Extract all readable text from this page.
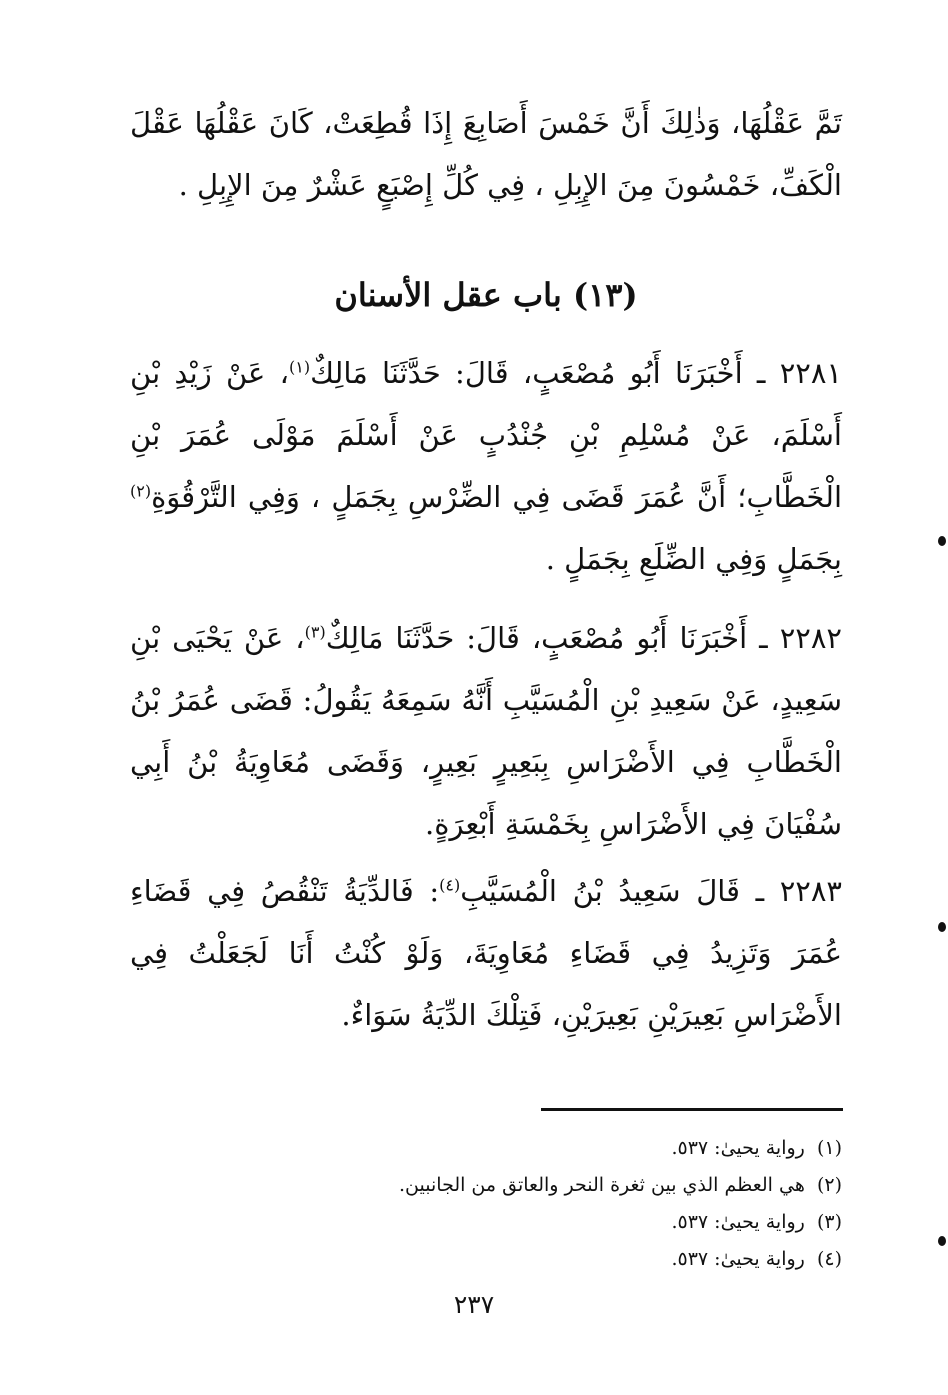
تَمَّ عَقْلُهَا، وَذٰلِكَ أَنَّ خَمْسَ أَصَابِعَ إِذَا قُطِعَتْ، كَانَ عَقْلُهَا عَقْلَ الْكَفِّ، خَمْسُونَ مِنَ الإِبِلِ ، فِي كُلِّ إِصْبَعٍ عَشْرٌ مِنَ الإِبِلِ .

(١٣) باب عقل الأسنان

٢٢٨١ ـ أَخْبَرَنَا أَبُو مُصْعَبٍ، قَالَ: حَدَّثَنَا مَالِكٌ$^{(١)}$، عَنْ زَيْدِ بْنِ أَسْلَمَ، عَنْ مُسْلِمِ بْنِ جُنْدُبٍ عَنْ أَسْلَمَ مَوْلَى عُمَرَ بْنِ الْخَطَّابِ؛ أَنَّ عُمَرَ قَضَى فِي الضِّرْسِ بِجَمَلٍ ، وَفِي التَّرْقُوَةِ$^{(٢)}$ بِجَمَلٍ وَفِي الضِّلَعِ بِجَمَلٍ .

٢٢٨٢ ـ أَخْبَرَنَا أَبُو مُصْعَبٍ، قَالَ: حَدَّثَنَا مَالِكٌ$^{(٣)}$، عَنْ يَحْيَى بْنِ سَعِيدٍ، عَنْ سَعِيدِ بْنِ الْمُسَيَّبِ أَنَّهُ سَمِعَهُ يَقُولُ: قَضَى عُمَرُ بْنُ الْخَطَّابِ فِي الأَضْرَاسِ بِبَعِيرٍ بَعِيرٍ، وَقَضَى مُعَاوِيَةُ بْنُ أَبِي سُفْيَانَ فِي الأَضْرَاسِ بِخَمْسَةِ أَبْعِرَةٍ.

٢٢٨٣ ـ قَالَ سَعِيدُ بْنُ الْمُسَيَّبِ$^{(٤)}$: فَالدِّيَةُ تَنْقُصُ فِي قَضَاءِ عُمَرَ وَتَزِيدُ فِي قَضَاءِ مُعَاوِيَةَ، وَلَوْ كُنْتُ أَنَا لَجَعَلْتُ فِي الأَضْرَاسِ بَعِيرَيْنِ بَعِيرَيْنِ، فَتِلْكَ الدِّيَةُ سَوَاءٌ.

(١)  رواية يحيىٰ: ٥٣٧.
(٢)  هي العظم الذي بين ثغرة النحر والعاتق من الجانبين.
(٣)  رواية يحيىٰ: ٥٣٧.
(٤)  رواية يحيىٰ: ٥٣٧.
٢٣٧
